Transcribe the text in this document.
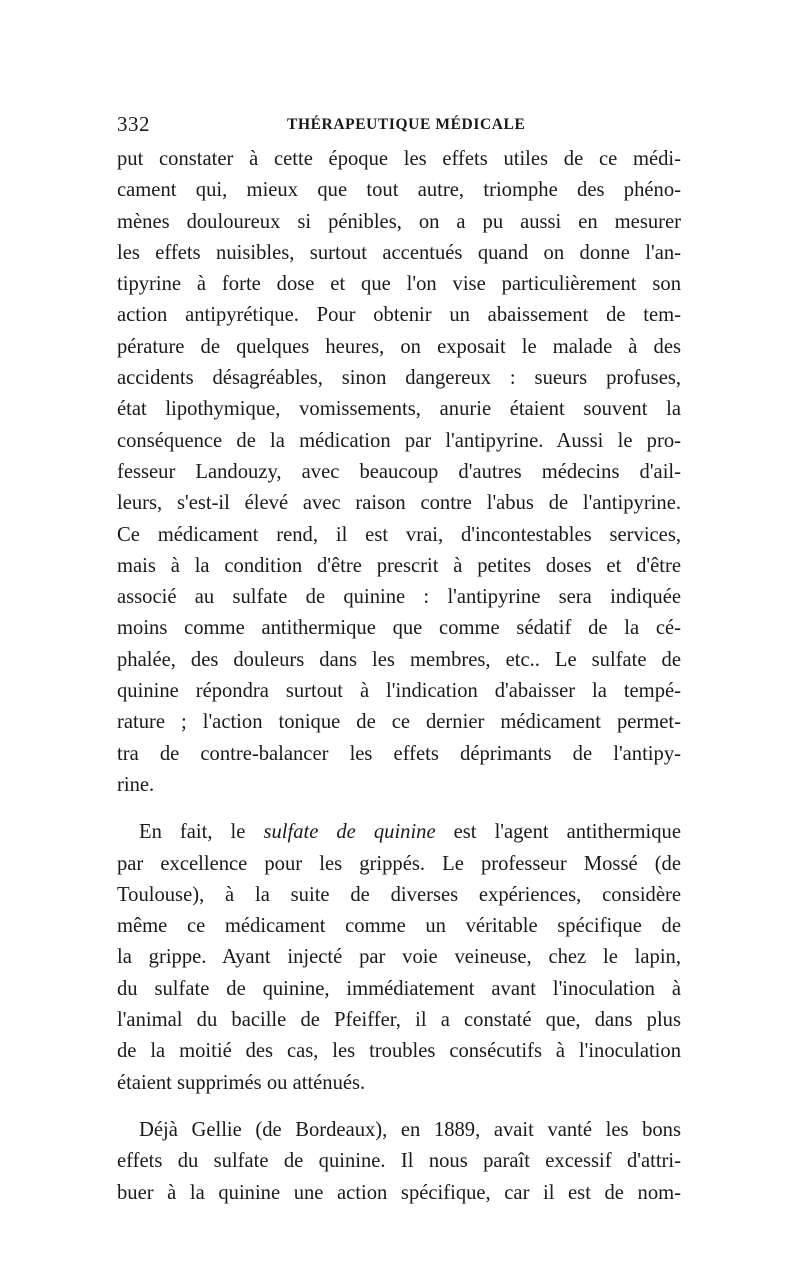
332	THÉRAPEUTIQUE MÉDICALE

put constater à cette époque les effets utiles de ce médi-
cament qui, mieux que tout autre, triomphe des phéno-
mènes douloureux si pénibles, on a pu aussi en mesurer
les effets nuisibles, surtout accentués quand on donne l'an-
tipyrine à forte dose et que l'on vise particulièrement son
action antipyrétique. Pour obtenir un abaissement de tem-
pérature de quelques heures, on exposait le malade à des
accidents désagréables, sinon dangereux : sueurs profuses,
état lipothymique, vomissements, anurie étaient souvent la
conséquence de la médication par l'antipyrine. Aussi le pro-
fesseur Landouzy, avec beaucoup d'autres médecins d'ail-
leurs, s'est-il élevé avec raison contre l'abus de l'antipyrine.
Ce médicament rend, il est vrai, d'incontestables services,
mais à la condition d'être prescrit à petites doses et d'être
associé au sulfate de quinine : l'antipyrine sera indiquée
moins comme antithermique que comme sédatif de la cé-
phalée, des douleurs dans les membres, etc.. Le sulfate de
quinine répondra surtout à l'indication d'abaisser la tempé-
rature ; l'action tonique de ce dernier médicament permet-
tra de contre-balancer les effets déprimants de l'antipy-
rine.

En fait, le sulfate de quinine est l'agent antithermique
par excellence pour les grippés. Le professeur Mossé (de
Toulouse), à la suite de diverses expériences, considère
même ce médicament comme un véritable spécifique de
la grippe. Ayant injecté par voie veineuse, chez le lapin,
du sulfate de quinine, immédiatement avant l'inoculation à
l'animal du bacille de Pfeiffer, il a constaté que, dans plus
de la moitié des cas, les troubles consécutifs à l'inoculation
étaient supprimés ou atténués.

Déjà Gellie (de Bordeaux), en 1889, avait vanté les bons
effets du sulfate de quinine. Il nous paraît excessif d'attri-
buer à la quinine une action spécifique, car il est de nom-
